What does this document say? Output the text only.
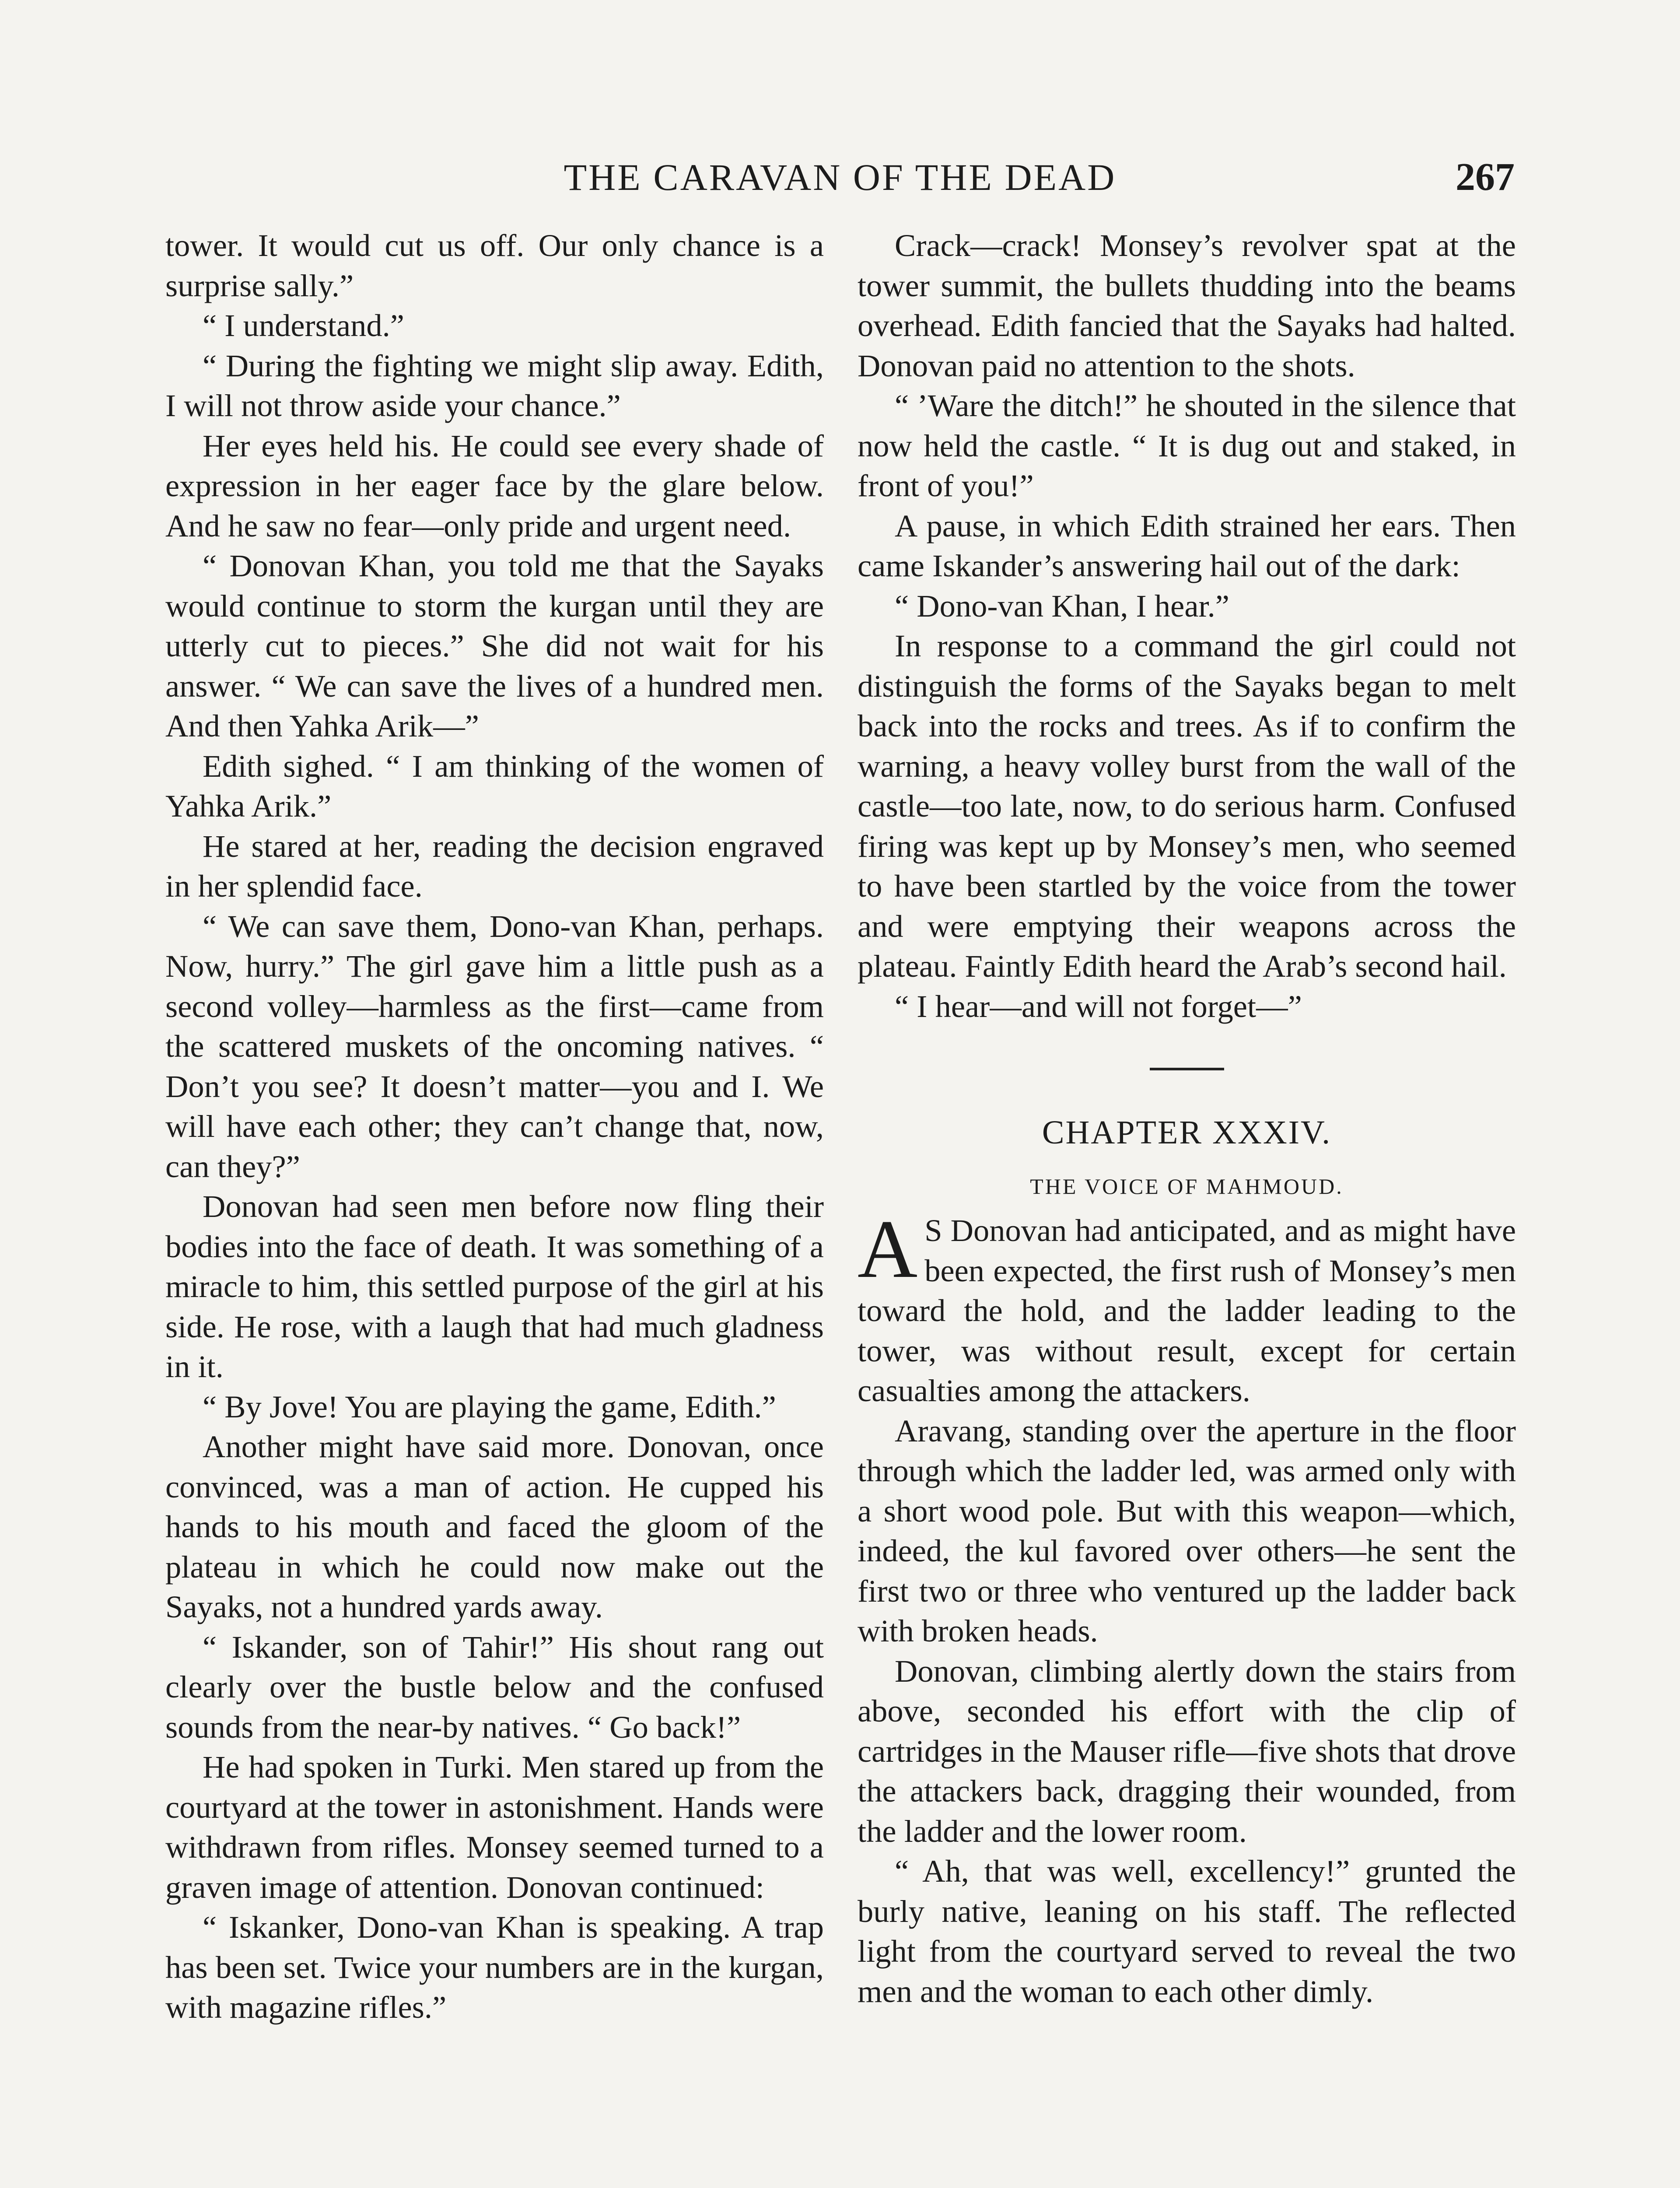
THE CARAVAN OF THE DEAD	267

tower. It would cut us off. Our only chance is a surprise sally.”

“ I understand.”

“ During the fighting we might slip away. Edith, I will not throw aside your chance.”

Her eyes held his. He could see every shade of expression in her eager face by the glare below. And he saw no fear—only pride and urgent need.

“ Donovan Khan, you told me that the Sayaks would continue to storm the kurgan until they are utterly cut to pieces.” She did not wait for his answer. “ We can save the lives of a hundred men. And then Yahka Arik—”

Edith sighed. “ I am thinking of the women of Yahka Arik.”

He stared at her, reading the decision engraved in her splendid face.

“ We can save them, Dono-van Khan, perhaps. Now, hurry.” The girl gave him a little push as a second volley—harmless as the first—came from the scattered muskets of the oncoming natives. “ Don’t you see? It doesn’t matter—you and I. We will have each other; they can’t change that, now, can they?”

Donovan had seen men before now fling their bodies into the face of death. It was something of a miracle to him, this settled purpose of the girl at his side. He rose, with a laugh that had much gladness in it.

“ By Jove! You are playing the game, Edith.”

Another might have said more. Donovan, once convinced, was a man of action. He cupped his hands to his mouth and faced the gloom of the plateau in which he could now make out the Sayaks, not a hundred yards away.

“ Iskander, son of Tahir!” His shout rang out clearly over the bustle below and the confused sounds from the near-by natives. “ Go back!”

He had spoken in Turki. Men stared up from the courtyard at the tower in astonishment. Hands were withdrawn from rifles. Monsey seemed turned to a graven image of attention. Donovan continued:

“ Iskanker, Dono-van Khan is speaking. A trap has been set. Twice your numbers are in the kurgan, with magazine rifles.”

Crack—crack! Monsey’s revolver spat at the tower summit, the bullets thudding into the beams overhead. Edith fancied that the Sayaks had halted. Donovan paid no attention to the shots.

“ ’Ware the ditch!” he shouted in the silence that now held the castle. “ It is dug out and staked, in front of you!”

A pause, in which Edith strained her ears. Then came Iskander’s answering hail out of the dark:

“ Dono-van Khan, I hear.”

In response to a command the girl could not distinguish the forms of the Sayaks began to melt back into the rocks and trees. As if to confirm the warning, a heavy volley burst from the wall of the castle—too late, now, to do serious harm. Confused firing was kept up by Monsey’s men, who seemed to have been startled by the voice from the tower and were emptying their weapons across the plateau. Faintly Edith heard the Arab’s second hail.

“ I hear—and will not forget—”

CHAPTER XXXIV.
THE VOICE OF MAHMOUD.

A S Donovan had anticipated, and as might have been expected, the first rush of Monsey’s men toward the hold, and the ladder leading to the tower, was without result, except for certain casualties among the attackers.

Aravang, standing over the aperture in the floor through which the ladder led, was armed only with a short wood pole. But with this weapon—which, indeed, the kul favored over others—he sent the first two or three who ventured up the ladder back with broken heads.

Donovan, climbing alertly down the stairs from above, seconded his effort with the clip of cartridges in the Mauser rifle—five shots that drove the attackers back, dragging their wounded, from the ladder and the lower room.

“ Ah, that was well, excellency!” grunted the burly native, leaning on his staff. The reflected light from the courtyard served to reveal the two men and the woman to each other dimly.
